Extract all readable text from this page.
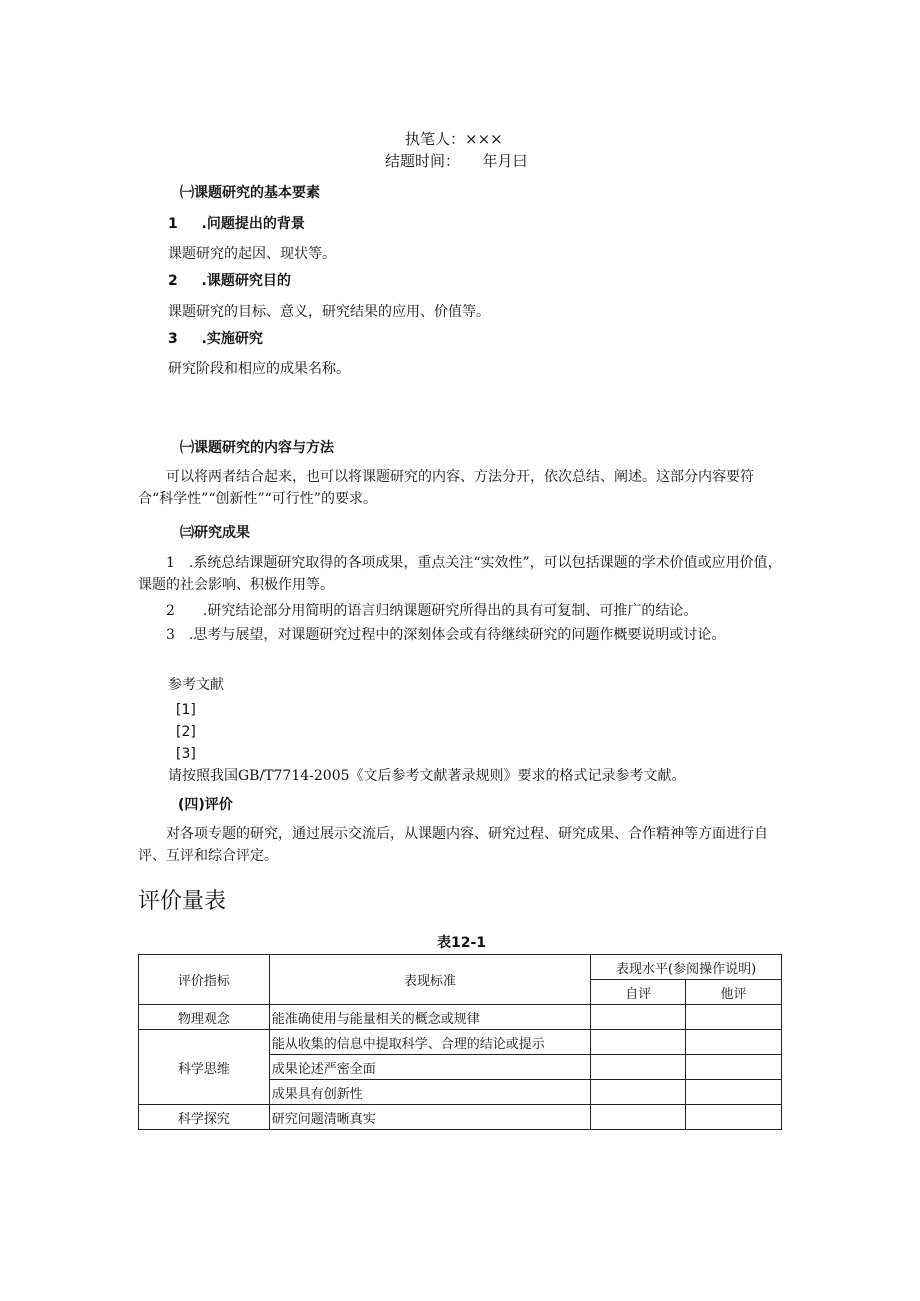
执笔人：×××
结题时间：　　年月曰
㈠课题研究的基本要素
1 .问题提出的背景
课题研究的起因、现状等。
2 .课题研究目的
课题研究的目标、意义，研究结果的应用、价值等。
3 .实施研究
研究阶段和相应的成果名称。
㈠课题研究的内容与方法
可以将两者结合起来，也可以将课题研究的内容、方法分开，依次总结、阐述。这部分内容要符合“科学性”“创新性”“可行性”的要求。
㈢研究成果
1　.系统总结课题研究取得的各项成果，重点关注“实效性”，可以包括课题的学术价值或应用价值，课题的社会影响、积极作用等。
2　　.研究结论部分用简明的语言归纳课题研究所得出的具有可复制、可推广的结论。
3　.思考与展望，对课题研究过程中的深刻体会或有待继续研究的问题作概要说明或讨论。
参考文献
[1]
[2]
[3]
请按照我国GB/T7714-2005《文后参考文献著录规则》要求的格式记录参考文献。
(四)评价
对各项专题的研究，通过展示交流后，从课题内容、研究过程、研究成果、合作精神等方面进行自评、互评和综合评定。
评价量表
表12-1
评价指标	表现标准	表现水平(参阅操作说明)	
		自评	他评
物理观念	能准确使用与能量相关的概念或规律		
科学思维	能从收集的信息中提取科学、合理的结论或提示		
	成果论述严密全面		
	成果具有创新性		
科学探究	研究问题清晰真实		
